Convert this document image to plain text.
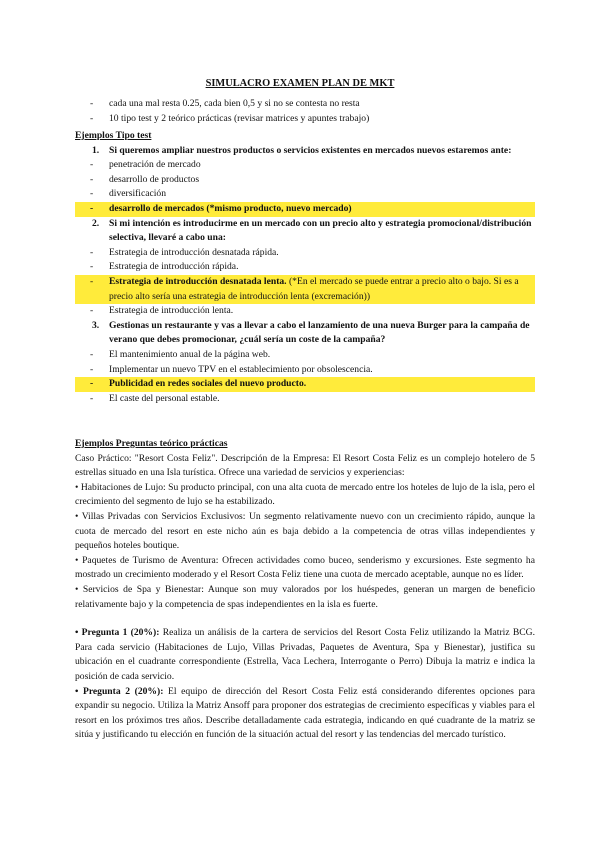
SIMULACRO EXAMEN PLAN DE MKT
- cada una mal resta 0.25, cada bien 0,5 y si no se contesta no resta
- 10 tipo test y 2 teórico prácticas (revisar matrices y apuntes trabajo)
Ejemplos Tipo test
1. Si queremos ampliar nuestros productos o servicios existentes en mercados nuevos estaremos ante:
- penetración de mercado
- desarrollo de productos
- diversificación
- desarrollo de mercados (*mismo producto, nuevo mercado)
2. Si mi intención es introducirme en un mercado con un precio alto y estrategia promocional/distribución selectiva, llevaré a cabo una:
- Estrategia de introducción desnatada rápida.
- Estrategia de introducción rápida.
- Estrategia de introducción desnatada lenta. (*En el mercado se puede entrar a precio alto o bajo. Si es a precio alto sería una estrategia de introducción lenta (excremación))
- Estrategia de introducción lenta.
3. Gestionas un restaurante y vas a llevar a cabo el lanzamiento de una nueva Burger para la campaña de verano que debes promocionar, ¿cuál sería un coste de la campaña?
- El mantenimiento anual de la página web.
- Implementar un nuevo TPV en el establecimiento por obsolescencia.
- Publicidad en redes sociales del nuevo producto.
- El caste del personal estable.
Ejemplos Preguntas teórico prácticas

Caso Práctico: "Resort Costa Feliz". Descripción de la Empresa: El Resort Costa Feliz es un complejo hotelero de 5 estrellas situado en una Isla turística. Ofrece una variedad de servicios y experiencias:

• Habitaciones de Lujo: Su producto principal, con una alta cuota de mercado entre los hoteles de lujo de la isla, pero el crecimiento del segmento de lujo se ha estabilizado.

• Villas Privadas con Servicios Exclusivos: Un segmento relativamente nuevo con un crecimiento rápido, aunque la cuota de mercado del resort en este nicho aún es baja debido a la competencia de otras villas independientes y pequeños hoteles boutique.

• Paquetes de Turismo de Aventura: Ofrecen actividades como buceo, senderismo y excursiones. Este segmento ha mostrado un crecimiento moderado y el Resort Costa Feliz tiene una cuota de mercado aceptable, aunque no es líder.

• Servicios de Spa y Bienestar: Aunque son muy valorados por los huéspedes, generan un margen de beneficio relativamente bajo y la competencia de spas independientes en la isla es fuerte.

• Pregunta 1 (20%): Realiza un análisis de la cartera de servicios del Resort Costa Feliz utilizando la Matriz BCG. Para cada servicio (Habitaciones de Lujo, Villas Privadas, Paquetes de Aventura, Spa y Bienestar), justifica su ubicación en el cuadrante correspondiente (Estrella, Vaca Lechera, Interrogante o Perro) Dibuja la matriz e indica la posición de cada servicio.

• Pregunta 2 (20%): El equipo de dirección del Resort Costa Feliz está considerando diferentes opciones para expandir su negocio. Utiliza la Matriz Ansoff para proponer dos estrategias de crecimiento específicas y viables para el resort en los próximos tres años. Describe detalladamente cada estrategia, indicando en qué cuadrante de la matriz se sitúa y justificando tu elección en función de la situación actual del resort y las tendencias del mercado turístico.
